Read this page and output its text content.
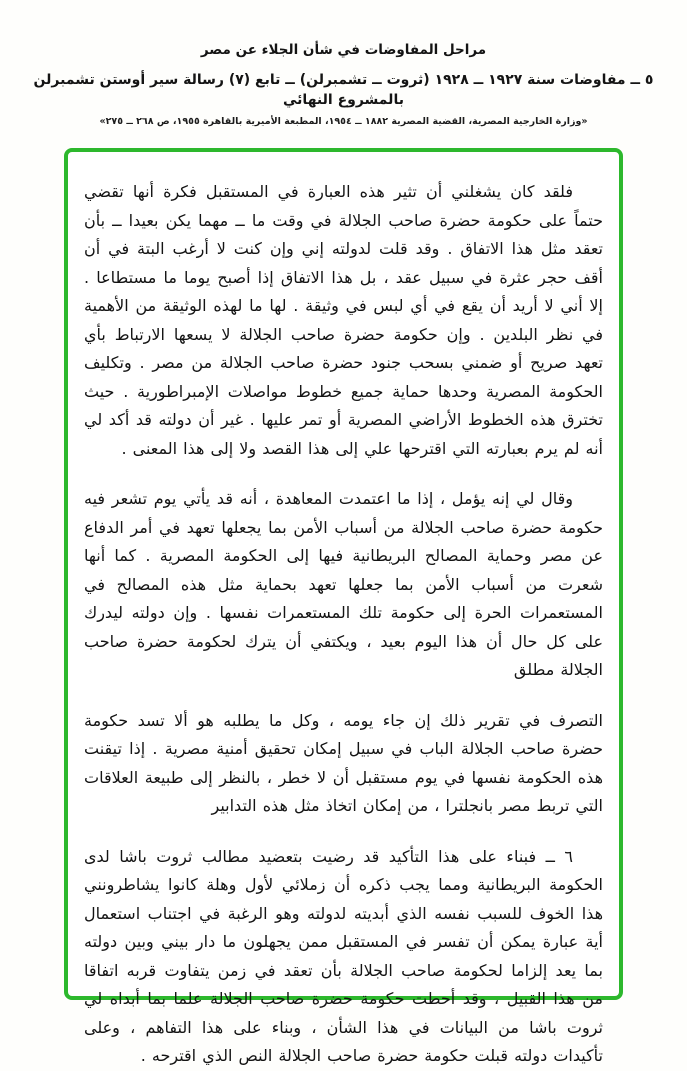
مراحل المفاوضات في شأن الجلاء عن مصر
٥ ــ مفاوضات سنة ١٩٢٧ ــ ١٩٢٨ (ثروت ــ تشمبرلن) ــ تابع (٧) رسالة سير أوستن تشمبرلن بالمشروع النهائي
«وزارة الخارجية المصرية، القضية المصرية ١٨٨٢ ــ ١٩٥٤، المطبعة الأميرية بالقاهرة ١٩٥٥، ص ٢٦٨ ــ ٢٧٥»

فلقد كان يشغلني أن تثير هذه العبارة في المستقبل فكرة أنها تقضي حتماً على حكومة حضرة صاحب الجلالة في وقت ما ــ مهما يكن بعيدا ــ بأن تعقد مثل هذا الاتفاق . وقد قلت لدولته إني وإن كنت لا أرغب البتة في أن أقف حجر عثرة في سبيل عقد ، بل هذا الاتفاق إذا أصبح يوما ما مستطاعا . إلا أني لا أريد أن يقع في أي لبس في وثيقة . لها ما لهذه الوثيقة من الأهمية في نظر البلدين . وإن حكومة حضرة صاحب الجلالة لا يسعها الارتباط بأي تعهد صريح أو ضمني بسحب جنود حضرة صاحب الجلالة من مصر . وتكليف الحكومة المصرية وحدها حماية جميع خطوط مواصلات الإمبراطورية . حيث تخترق هذه الخطوط الأراضي المصرية أو تمر عليها . غير أن دولته قد أكد لي أنه لم يرم بعبارته التي اقترحها علي إلى هذا القصد ولا إلى هذا المعنى .

وقال لي إنه يؤمل ، إذا ما اعتمدت المعاهدة ، أنه قد يأتي يوم تشعر فيه حكومة حضرة صاحب الجلالة من أسباب الأمن بما يجعلها تعهد في أمر الدفاع عن مصر وحماية المصالح البريطانية فيها إلى الحكومة المصرية . كما أنها شعرت من أسباب الأمن بما جعلها تعهد بحماية مثل هذه المصالح في المستعمرات الحرة إلى حكومة تلك المستعمرات نفسها . وإن دولته ليدرك على كل حال أن هذا اليوم بعيد ، ويكتفي أن يترك لحكومة حضرة صاحب الجلالة مطلق

التصرف في تقرير ذلك إن جاء يومه ، وكل ما يطلبه هو ألا تسد حكومة حضرة صاحب الجلالة الباب في سبيل إمكان تحقيق أمنية مصرية . إذا تيقنت هذه الحكومة نفسها في يوم مستقبل أن لا خطر ، بالنظر إلى طبيعة العلاقات التي تربط مصر بانجلترا ، من إمكان اتخاذ مثل هذه التدابير

٦ ــ فبناء على هذا التأكيد قد رضيت بتعضيد مطالب ثروت باشا لدى الحكومة البريطانية ومما يجب ذكره أن زملائي لأول وهلة كانوا يشاطرونني هذا الخوف للسبب نفسه الذي أبديته لدولته وهو الرغبة في اجتناب استعمال أية عبارة يمكن أن تفسر في المستقبل ممن يجهلون ما دار بيني وبين دولته بما يعد إلزاما لحكومة صاحب الجلالة بأن تعقد في زمن يتفاوت قربه اتفاقا من هذا القبيل ، وقد أحطت حكومة حضرة صاحب الجلالة علما بما أبداه لي ثروت باشا من البيانات في هذا الشأن ، وبناء على هذا التفاهم ، وعلى تأكيدات دولته قبلت حكومة حضرة صاحب الجلالة النص الذي اقترحه .
